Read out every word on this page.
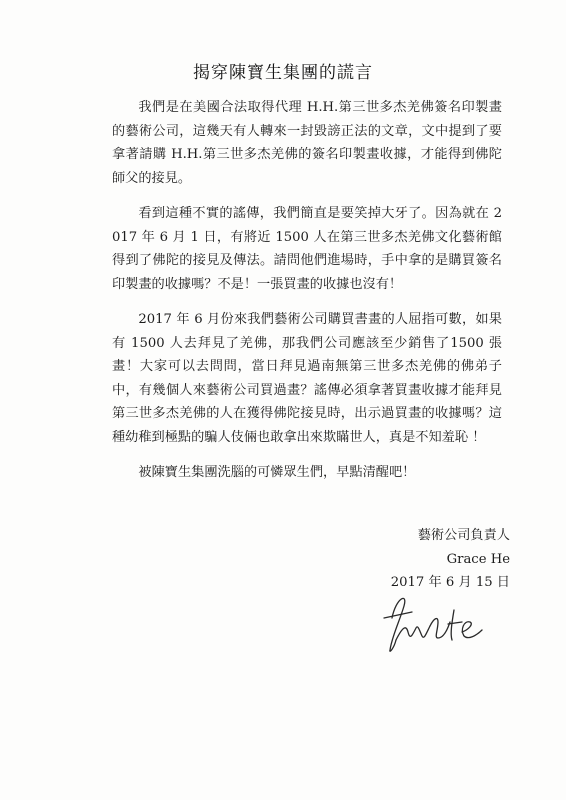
揭穿陳寶生集團的謊言

我們是在美國合法取得代理 H.H.第三世多杰羌佛簽名印製畫的藝術公司，這幾天有人轉來一封毀謗正法的文章，文中提到了要拿著請購 H.H.第三世多杰羌佛的簽名印製畫收據，才能得到佛陀師父的接見。

看到這種不實的謠傳，我們簡直是要笑掉大牙了。因為就在 2017 年 6 月 1 日，有將近 1500 人在第三世多杰羌佛文化藝術館得到了佛陀的接見及傳法。請問他們進場時，手中拿的是購買簽名印製畫的收據嗎？不是！一張買畫的收據也沒有！

2017 年 6 月份來我們藝術公司購買書畫的人屈指可數，如果有 1500 人去拜見了羌佛，那我們公司應該至少銷售了1500 張畫！大家可以去問問，當日拜見過南無第三世多杰羌佛的佛弟子中，有幾個人來藝術公司買過畫？謠傳必須拿著買畫收據才能拜見第三世多杰羌佛的人在獲得佛陀接見時，出示過買畫的收據嗎？這種幼稚到極點的騙人伎倆也敢拿出來欺瞞世人，真是不知羞恥 ！

被陳寶生集團洗腦的可憐眾生們，早點清醒吧！

藝術公司負責人
Grace He
2017 年 6 月 15 日
